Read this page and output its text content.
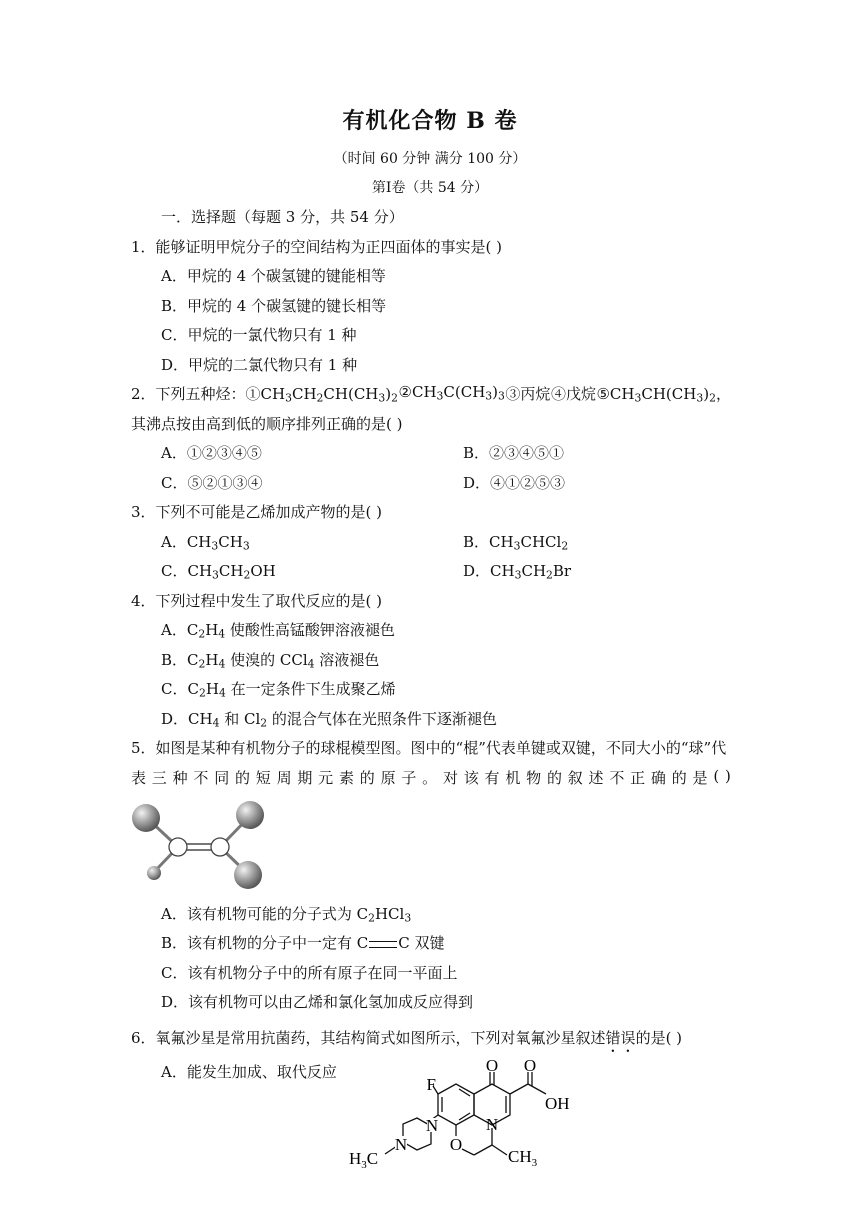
有机化合物 B 卷
（时间 60 分钟 满分 100 分）
第Ⅰ卷（共 54 分）
一．选择题（每题 3 分，共 54 分）
1．能够证明甲烷分子的空间结构为正四面体的事实是( )
A．甲烷的 4 个碳氢键的键能相等
B．甲烷的 4 个碳氢键的键长相等
C．甲烷的一氯代物只有 1 种
D．甲烷的二氯代物只有 1 种
2．下列五种烃：$①CH_3CH_2CH(CH_3)_2$ $②CH_3C(CH_3)_3$ ③丙烷 ④戊烷 $⑤CH_3CH(CH_3)_2$，
其沸点按由高到低的顺序排列正确的是( )
A．①②③④⑤	B．②③④⑤①
C．⑤②①③④	D．④①②⑤③
3．下列不可能是乙烯加成产物的是( )
A．$CH_3CH_3$	B．$CH_3CHCl_2$
C．$CH_3CH_2OH$	D．$CH_3CH_2Br$
4．下列过程中发生了取代反应的是( )
A．$C_2H_4$ 使酸性高锰酸钾溶液褪色
B．$C_2H_4$ 使溴的 CCl$_4$ 溶液褪色
C．$C_2H_4$ 在一定条件下生成聚乙烯
D．$CH_4$ 和 $Cl_2$ 的混合气体在光照条件下逐渐褪色
5．如图是某种有机物分子的球棍模型图。图中的“棍”代表单键或双键，不同大小的“球”代
表 三 种 不 同 的 短 周 期 元 素 的 原 子 。 对 该 有 机 物 的 叙 述 不 正 确 的 是 ( )
A．该有机物可能的分子式为 $C_2HCl_3$
B．该有机物的分子中一定有 C C 双键
C．该有机物分子中的所有原子在同一平面上
D．该有机物可以由乙烯和氯化氢加成反应得到
6．氧氟沙星是常用抗菌药，其结构简式如图所示，下列对氧氟沙星叙述错误的是( )
A．能发生加成、取代反应
F
O O
OH
N
N
N
O
$H_3C$	$CH_3$
